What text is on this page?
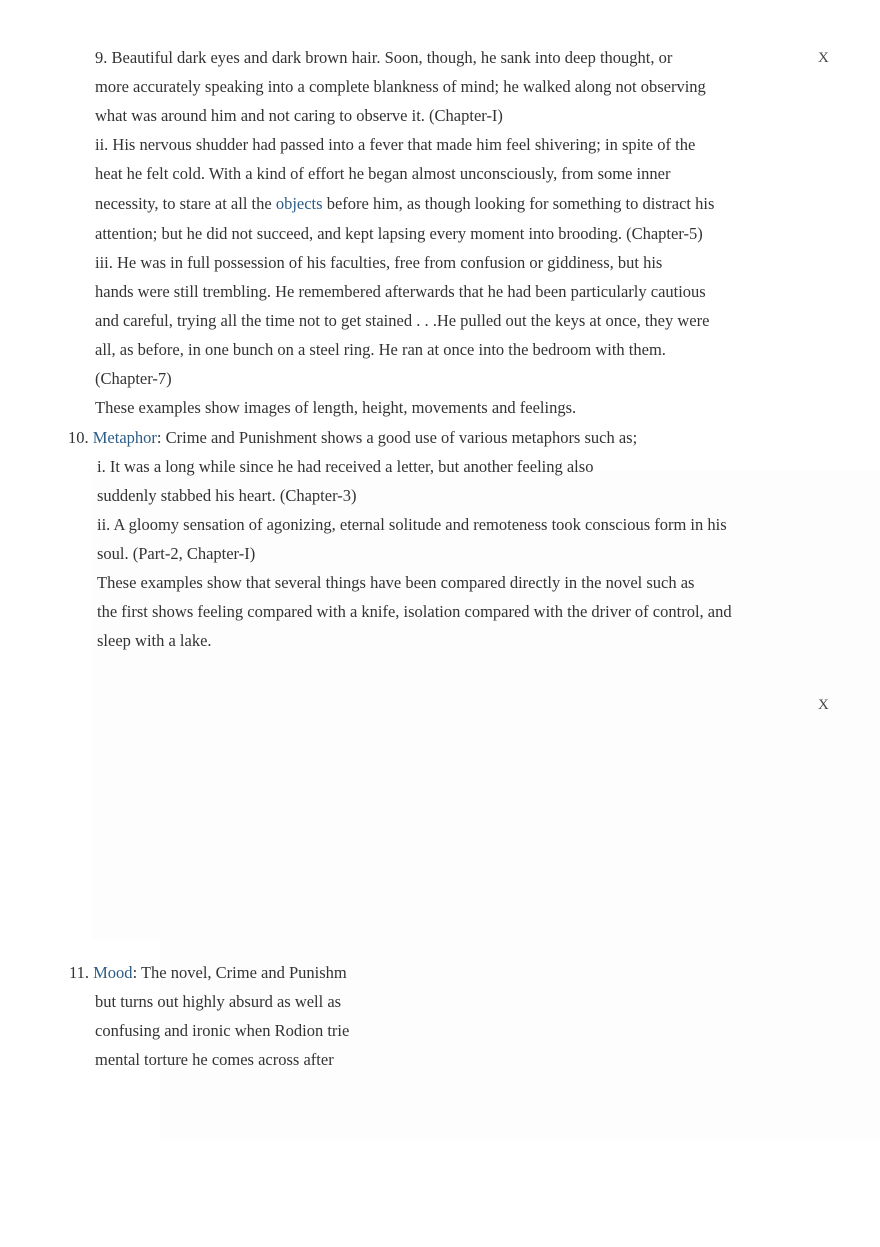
X
X
9. Beautiful dark eyes and dark brown hair. Soon, though, he sank into deep thought, or
more accurately speaking into a complete blankness of mind; he walked along not observing
what was around him and not caring to observe it. (Chapter-I)
ii. His nervous shudder had passed into a fever that made him feel shivering; in spite of the
heat he felt cold. With a kind of effort he began almost unconsciously, from some inner
necessity, to stare at all the objects before him, as though looking for something to distract his
attention; but he did not succeed, and kept lapsing every moment into brooding. (Chapter-5)
iii. He was in full possession of his faculties, free from confusion or giddiness, but his
hands were still trembling. He remembered afterwards that he had been particularly cautious
and careful, trying all the time not to get stained . . .He pulled out the keys at once, they were
all, as before, in one bunch on a steel ring. He ran at once into the bedroom with them.
(Chapter-7)
These examples show images of length, height, movements and feelings.
10. Metaphor: Crime and Punishment shows a good use of various metaphors such as;
i. It was a long while since he had received a letter, but another feeling also
suddenly stabbed his heart. (Chapter-3)
ii. A gloomy sensation of agonizing, eternal solitude and remoteness took conscious form in his
soul. (Part-2, Chapter-I)
These examples show that several things have been compared directly in the novel such as
the first shows feeling compared with a knife, isolation compared with the driver of control, and
sleep with a lake.
11. Mood: The novel, Crime and Punishm
but turns out highly absurd as well as
confusing and ironic when Rodion trie
mental torture he comes across after
